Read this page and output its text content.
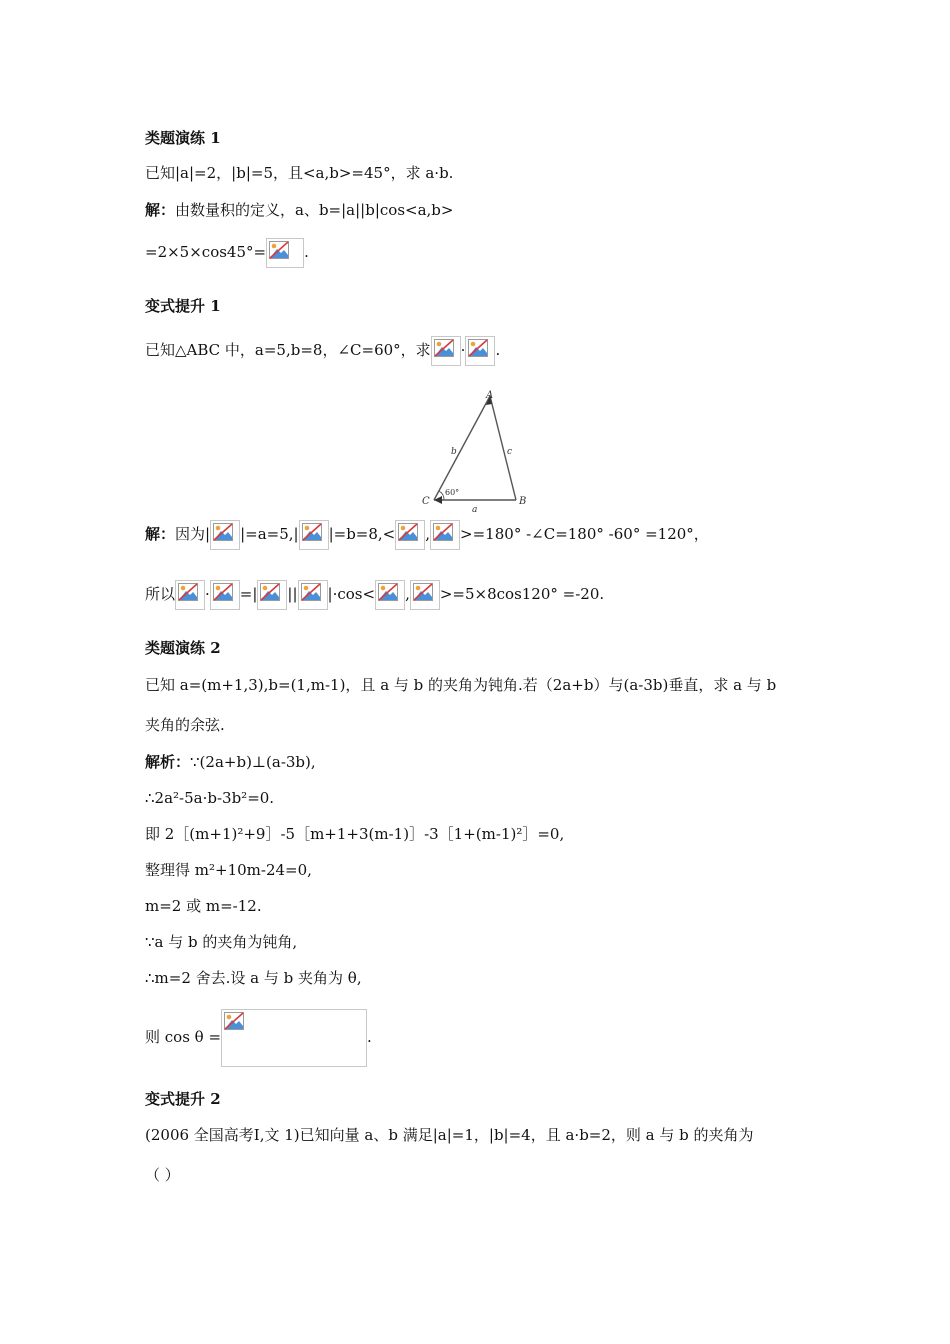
类题演练 1
已知|a|=2，|b|=5，且<a,b>=45°，求 a·b.
解：由数量积的定义，a、b=|a||b|cos<a,b>
=2×5×cos45°=	.
变式提升 1
已知△ABC 中，a=5,b=8，∠C=60°，求 · .
A
B
C
b	c
a
60°
解：因为| |=a=5,| |=b=8,< , >=180° -∠C=180° -60° =120°，
所以 · =| || |·cos< , >=5×8cos120° =-20.
类题演练 2
已知 a=(m+1,3),b=(1,m-1)，且 a 与 b 的夹角为钝角.若（2a+b）与(a-3b)垂直，求 a 与 b
夹角的余弦.
解析：∵(2a+b)⊥(a-3b),
∴2a²-5a·b-3b²=0.
即 2［(m+1)²+9］-5［m+1+3(m-1)］-3［1+(m-1)²］=0,
整理得 m²+10m-24=0,
m=2 或 m=-12.
∵a 与 b 的夹角为钝角,
∴m=2 舍去.设 a 与 b 夹角为 θ,
则 cos θ =	.
变式提升 2
(2006 全国高考Ⅰ,文 1)已知向量 a、b 满足|a|=1，|b|=4，且 a·b=2，则 a 与 b 的夹角为
（ ）
